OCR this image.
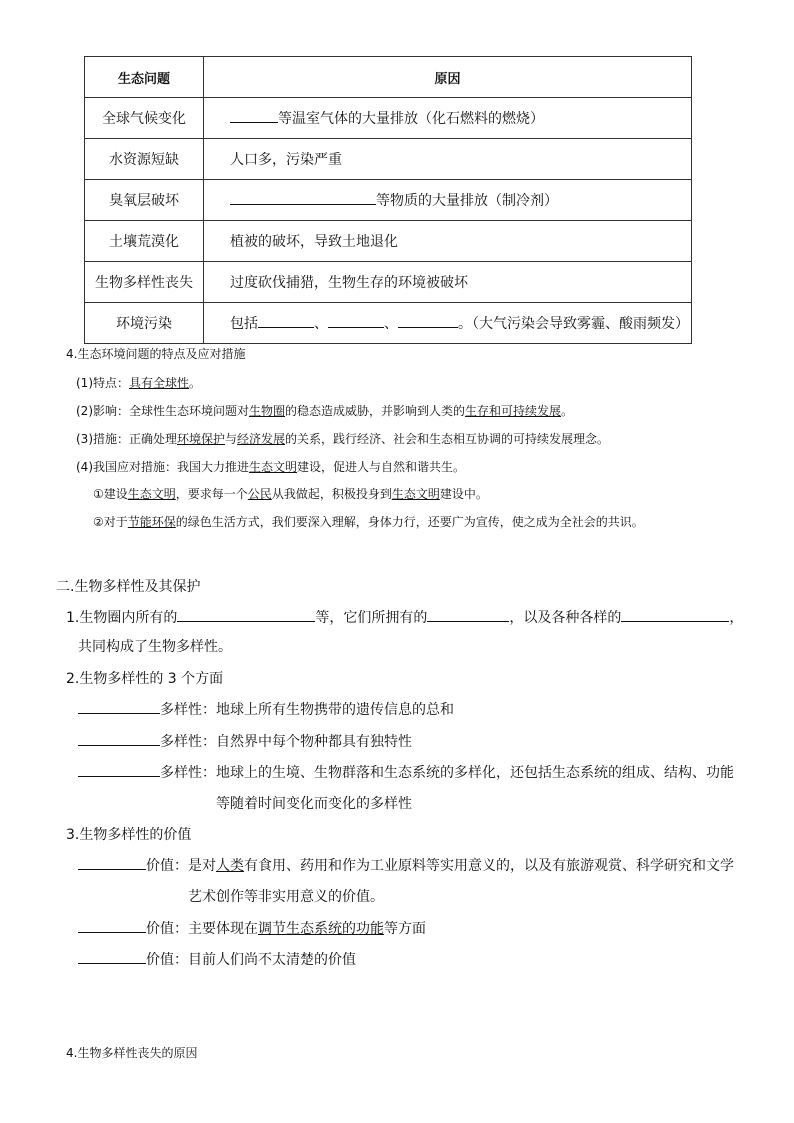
生态问题	原因
全球气候变化	等温室气体的大量排放（化石燃料的燃烧）
水资源短缺	人口多，污染严重
臭氧层破坏	等物质的大量排放（制冷剂）
土壤荒漠化	植被的破坏，导致土地退化
生物多样性丧失	过度砍伐捕猎，生物生存的环境被破坏
环境污染	包括 、 、 。（大气污染会导致雾霾、酸雨频发）
4.生态环境问题的特点及应对措施
(1)特点：具有全球性。
(2)影响：全球性生态环境问题对生物圈的稳态造成威胁，并影响到人类的生存和可持续发展。
(3)措施：正确处理环境保护与经济发展的关系，践行经济、社会和生态相互协调的可持续发展理念。
(4)我国应对措施：我国大力推进生态文明建设，促进人与自然和谐共生。
①建设生态文明，要求每一个公民从我做起，积极投身到生态文明建设中。
②对于节能环保的绿色生活方式，我们要深入理解，身体力行，还要广为宣传，使之成为全社会的共识。
二.生物多样性及其保护
1.生物圈内所有的	等，它们所拥有的	，以及各种各样的	，
共同构成了生物多样性。
2.生物多样性的 3 个方面
多样性：地球上所有生物携带的遗传信息的总和
多样性：自然界中每个物种都具有独特性
多样性：地球上的生境、生物群落和生态系统的多样化，还包括生态系统的组成、结构、功能
等随着时间变化而变化的多样性
3.生物多样性的价值
价值：是对人类有食用、药用和作为工业原料等实用意义的，以及有旅游观赏、科学研究和文学
艺术创作等非实用意义的价值。
价值：主要体现在调节生态系统的功能等方面
价值：目前人们尚不太清楚的价值
4.生物多样性丧失的原因
